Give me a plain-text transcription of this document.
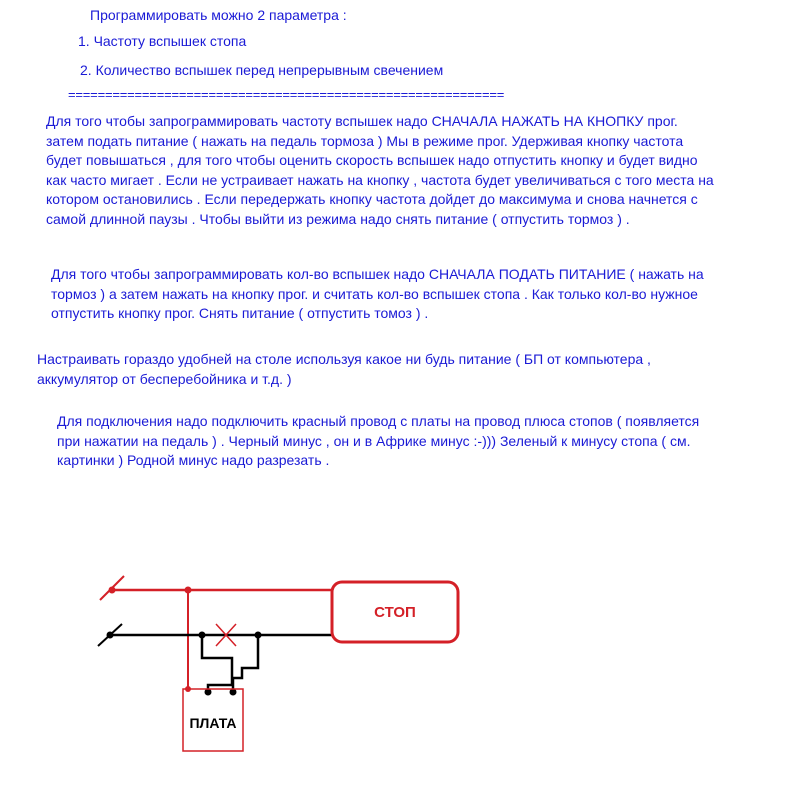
Программировать можно 2 параметра :

1. Частоту вспышек стопа

2. Количество вспышек перед непрерывным свечением

===========================================================

Для того чтобы запрограммировать частоту вспышек надо СНАЧАЛА НАЖАТЬ НА КНОПКУ прог.
затем подать питание ( нажать на педаль тормоза ) Мы в режиме прог. Удерживая кнопку частота
будет повышаться , для того чтобы оценить скорость вспышек надо отпустить кнопку и будет видно
как часто мигает . Если не устраивает нажать на кнопку , частота будет увеличиваться с того места на
котором остановились . Если передержать кнопку частота дойдет до максимума и снова начнется с
самой длинной паузы . Чтобы выйти из режима надо снять питание ( отпустить тормоз ) .
Для того чтобы запрограммировать кол-во вспышек надо СНАЧАЛА ПОДАТЬ ПИТАНИЕ ( нажать на
тормоз ) а затем нажать на кнопку прог. и считать кол-во вспышек стопа . Как только кол-во нужное
отпустить кнопку прог. Снять питание ( отпустить томоз ) .
Настраивать гораздо удобней на столе используя какое ни будь питание ( БП от компьютера ,
аккумулятор от бесперебойника и т.д. )
Для подключения надо подключить красный провод с платы на провод плюса стопов ( появляется
при нажатии на педаль ) . Черный минус , он и в Африке минус :-))) Зеленый к минусу стопа ( см.
картинки ) Родной минус надо разрезать .
СТОП
ПЛАТА
